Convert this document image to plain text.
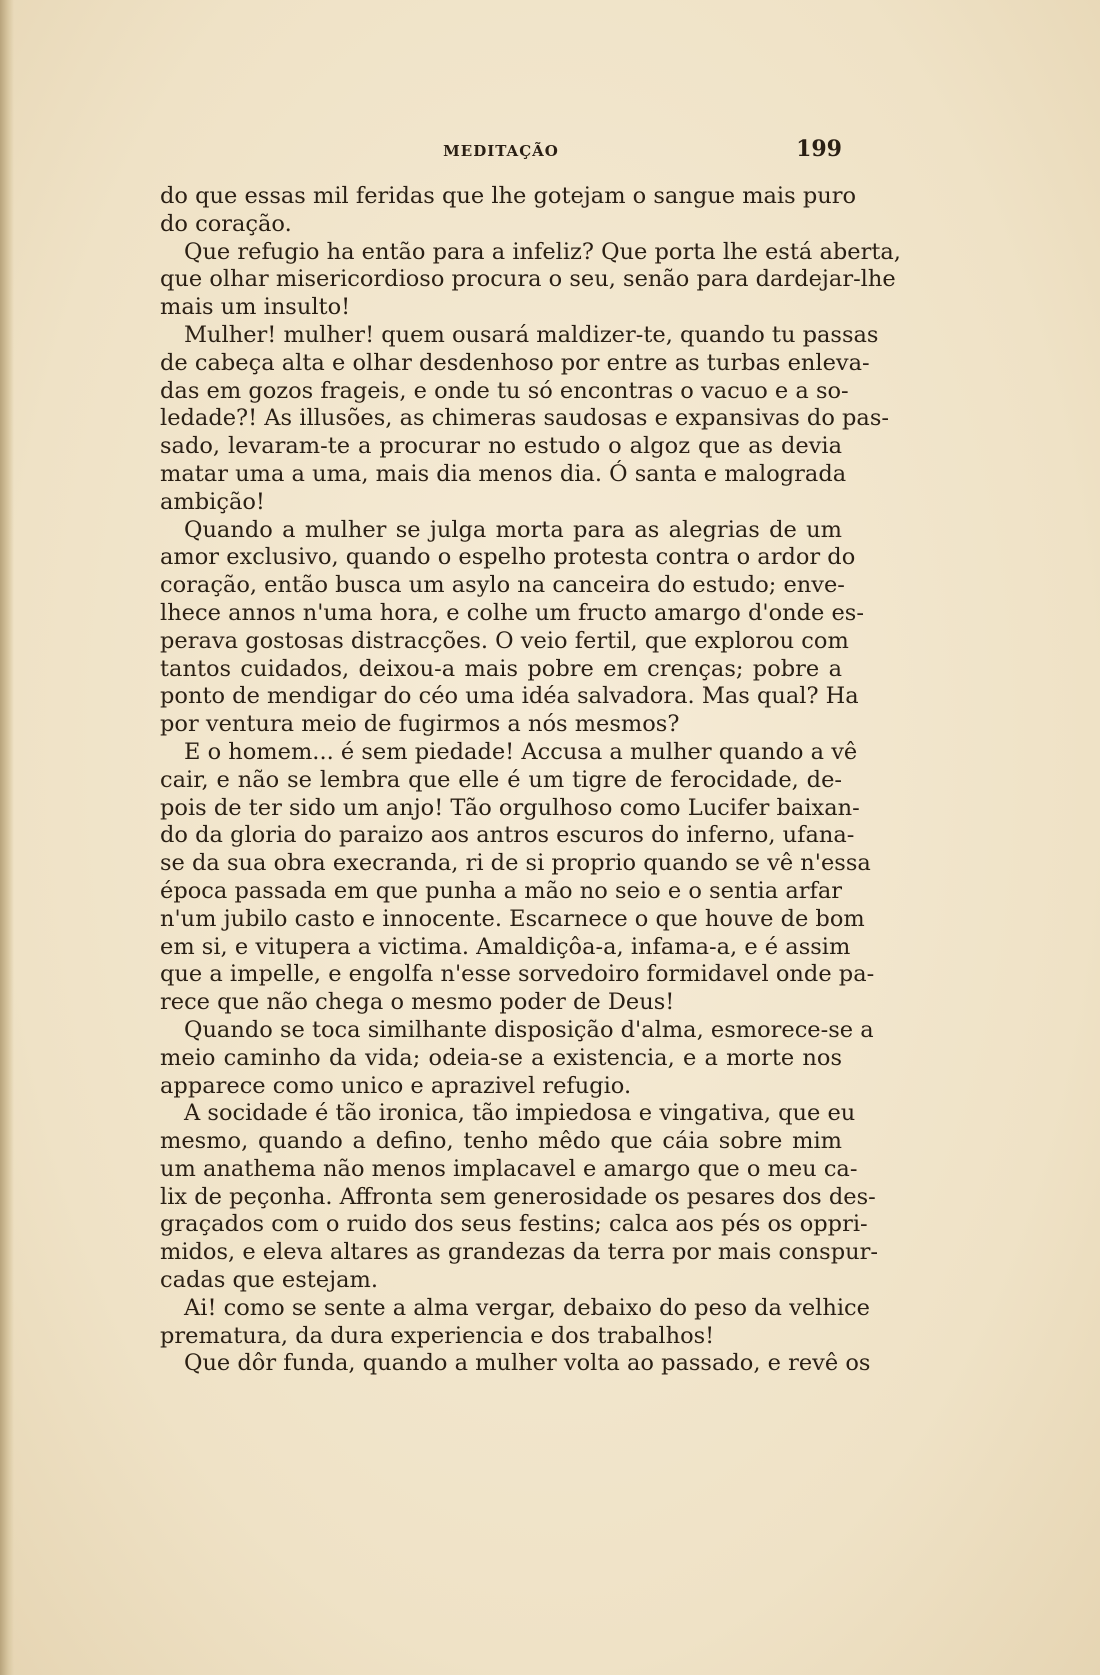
MEDITAÇÃO	199
do que essas mil feridas que lhe gotejam o sangue mais puro
do coração.
Que refugio ha então para a infeliz? Que porta lhe está aberta,
que olhar misericordioso procura o seu, senão para dardejar-lhe
mais um insulto!
Mulher! mulher! quem ousará maldizer-te, quando tu passas
de cabeça alta e olhar desdenhoso por entre as turbas enleva-
das em gozos frageis, e onde tu só encontras o vacuo e a so-
ledade?! As illusões, as chimeras saudosas e expansivas do pas-
sado, levaram-te a procurar no estudo o algoz que as devia
matar uma a uma, mais dia menos dia. Ó santa e malograda
ambição!
Quando a mulher se julga morta para as alegrias de um
amor exclusivo, quando o espelho protesta contra o ardor do
coração, então busca um asylo na canceira do estudo; enve-
lhece annos n'uma hora, e colhe um fructo amargo d'onde es-
perava gostosas distracções. O veio fertil, que explorou com
tantos cuidados, deixou-a mais pobre em crenças; pobre a
ponto de mendigar do céo uma idéa salvadora. Mas qual? Ha
por ventura meio de fugirmos a nós mesmos?
E o homem... é sem piedade! Accusa a mulher quando a vê
cair, e não se lembra que elle é um tigre de ferocidade, de-
pois de ter sido um anjo! Tão orgulhoso como Lucifer baixan-
do da gloria do paraizo aos antros escuros do inferno, ufana-
se da sua obra execranda, ri de si proprio quando se vê n'essa
época passada em que punha a mão no seio e o sentia arfar
n'um jubilo casto e innocente. Escarnece o que houve de bom
em si, e vitupera a victima. Amaldiçôa-a, infama-a, e é assim
que a impelle, e engolfa n'esse sorvedoiro formidavel onde pa-
rece que não chega o mesmo poder de Deus!
Quando se toca similhante disposição d'alma, esmorece-se a
meio caminho da vida; odeia-se a existencia, e a morte nos
apparece como unico e aprazivel refugio.
A socidade é tão ironica, tão impiedosa e vingativa, que eu
mesmo, quando a defino, tenho mêdo que cáia sobre mim
um anathema não menos implacavel e amargo que o meu ca-
lix de peçonha. Affronta sem generosidade os pesares dos des-
graçados com o ruido dos seus festins; calca aos pés os oppri-
midos, e eleva altares as grandezas da terra por mais conspur-
cadas que estejam.
Ai! como se sente a alma vergar, debaixo do peso da velhice
prematura, da dura experiencia e dos trabalhos!
Que dôr funda, quando a mulher volta ao passado, e revê os
